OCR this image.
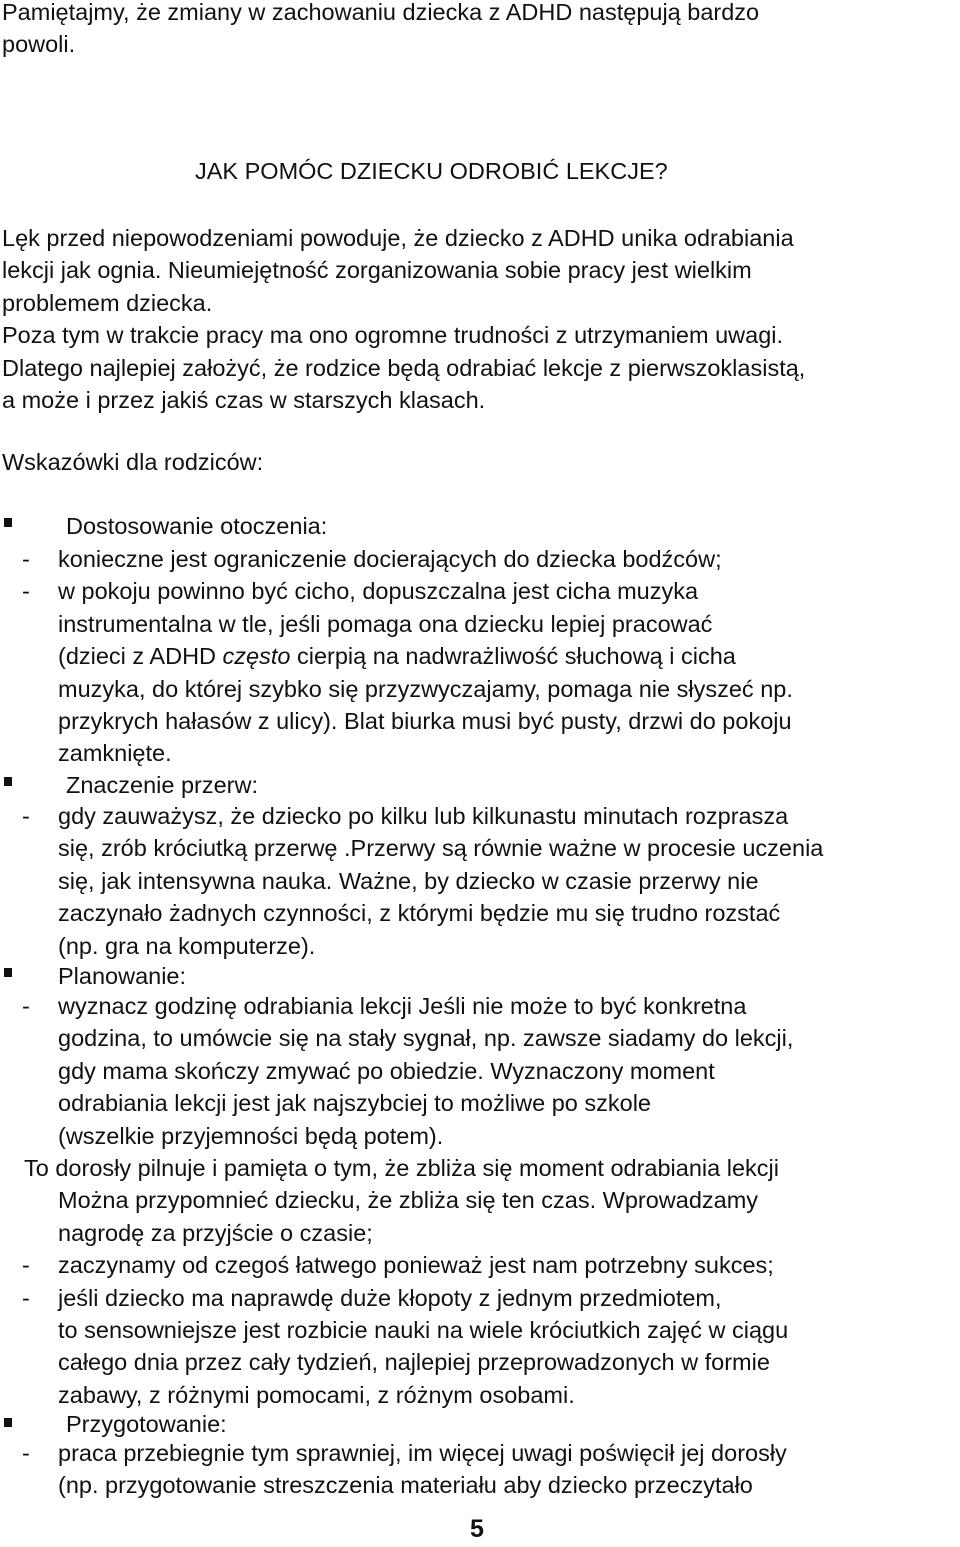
Pamiętajmy, że zmiany w zachowaniu dziecka z ADHD następują bardzo

powoli.

JAK POMÓC DZIECKU ODROBIĆ LEKCJE?

Lęk przed niepowodzeniami powoduje, że dziecko z ADHD unika odrabiania

lekcji jak ognia. Nieumiejętność zorganizowania sobie pracy jest wielkim

problemem dziecka.

Poza tym w trakcie pracy ma ono ogromne trudności z utrzymaniem uwagi.

Dlatego najlepiej założyć, że rodzice będą odrabiać lekcje z pierwszoklasistą,

a może i przez jakiś czas w starszych klasach.

Wskazówki dla rodziców:
Dostosowanie otoczenia:
- konieczne jest ograniczenie docierających do dziecka bodźców;
- w pokoju powinno być cicho, dopuszczalna jest cicha muzyka
instrumentalna w tle, jeśli pomaga ona dziecku lepiej pracować
(dzieci z ADHD często cierpią na nadwrażliwość słuchową i cicha
muzyka, do której szybko się przyzwyczajamy, pomaga nie słyszeć np.
przykrych hałasów z ulicy). Blat biurka musi być pusty, drzwi do pokoju
zamknięte.
Znaczenie przerw:
- gdy zauważysz, że dziecko po kilku lub kilkunastu minutach rozprasza
się, zrób króciutką przerwę .Przerwy są równie ważne w procesie uczenia
się, jak intensywna nauka. Ważne, by dziecko w czasie przerwy nie
zaczynało żadnych czynności, z którymi będzie mu się trudno rozstać
(np. gra na komputerze).
Planowanie:
- wyznacz godzinę odrabiania lekcji Jeśli nie może to być konkretna
godzina, to umówcie się na stały sygnał, np. zawsze siadamy do lekcji,
gdy mama skończy zmywać po obiedzie. Wyznaczony moment
odrabiania lekcji jest jak najszybciej to możliwe po szkole
(wszelkie przyjemności będą potem).
To dorosły pilnuje i pamięta o tym, że zbliża się moment odrabiania lekcji
Można przypomnieć dziecku, że zbliża się ten czas. Wprowadzamy
nagrodę za przyjście o czasie;
- zaczynamy od czegoś łatwego ponieważ jest nam potrzebny sukces;
- jeśli dziecko ma naprawdę duże kłopoty z jednym przedmiotem,
to sensowniejsze jest rozbicie nauki na wiele króciutkich zajęć w ciągu
całego dnia przez cały tydzień, najlepiej przeprowadzonych w formie
zabawy, z różnymi pomocami, z różnym osobami.
Przygotowanie:
- praca przebiegnie tym sprawniej, im więcej uwagi poświęcił jej dorosły
(np. przygotowanie streszczenia materiału aby dziecko przeczytało
5
